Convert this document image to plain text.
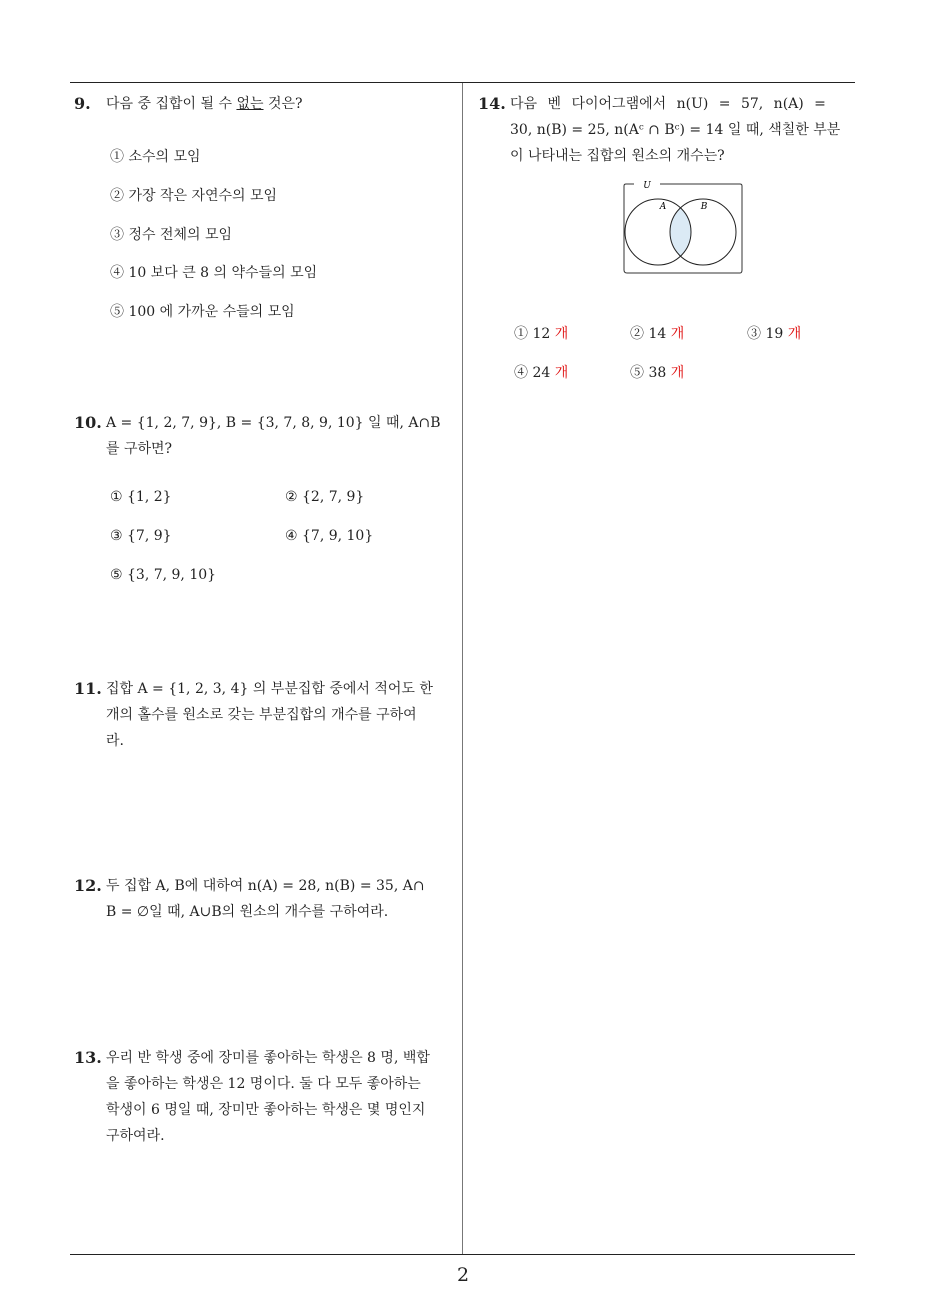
9. 다음 중 집합이 될 수 없는 것은?
① 소수의 모임
② 가장 작은 자연수의 모임
③ 정수 전체의 모임
④ 10 보다 큰 8 의 약수들의 모임
⑤ 100 에 가까운 수들의 모임
10. A = {1, 2, 7, 9}, B = {3, 7, 8, 9, 10} 일 때, A∩B
를 구하면?
① {1, 2}	② {2, 7, 9}
③ {7, 9}	④ {7, 9, 10}
⑤ {3, 7, 9, 10}
11. 집합 A = {1, 2, 3, 4} 의 부분집합 중에서 적어도 한
개의 홀수를 원소로 갖는 부분집합의 개수를 구하여
라.
12. 두 집합 A, B에 대하여 n(A) = 28, n(B) = 35, A∩
B = ∅일 때, A∪B의 원소의 개수를 구하여라.
13. 우리 반 학생 중에 장미를 좋아하는 학생은 8 명, 백합
을 좋아하는 학생은 12 명이다. 둘 다 모두 좋아하는
학생이 6 명일 때, 장미만 좋아하는 학생은 몇 명인지
구하여라.
14. 다음 벤 다이어그램에서 n(U) = 57, n(A) =
30, n(B) = 25, n(Aᶜ ∩ Bᶜ) = 14 일 때, 색칠한 부분
이 나타내는 집합의 원소의 개수는?
U
A	B
① 12 개	② 14 개	③ 19 개
④ 24 개	⑤ 38 개
2
